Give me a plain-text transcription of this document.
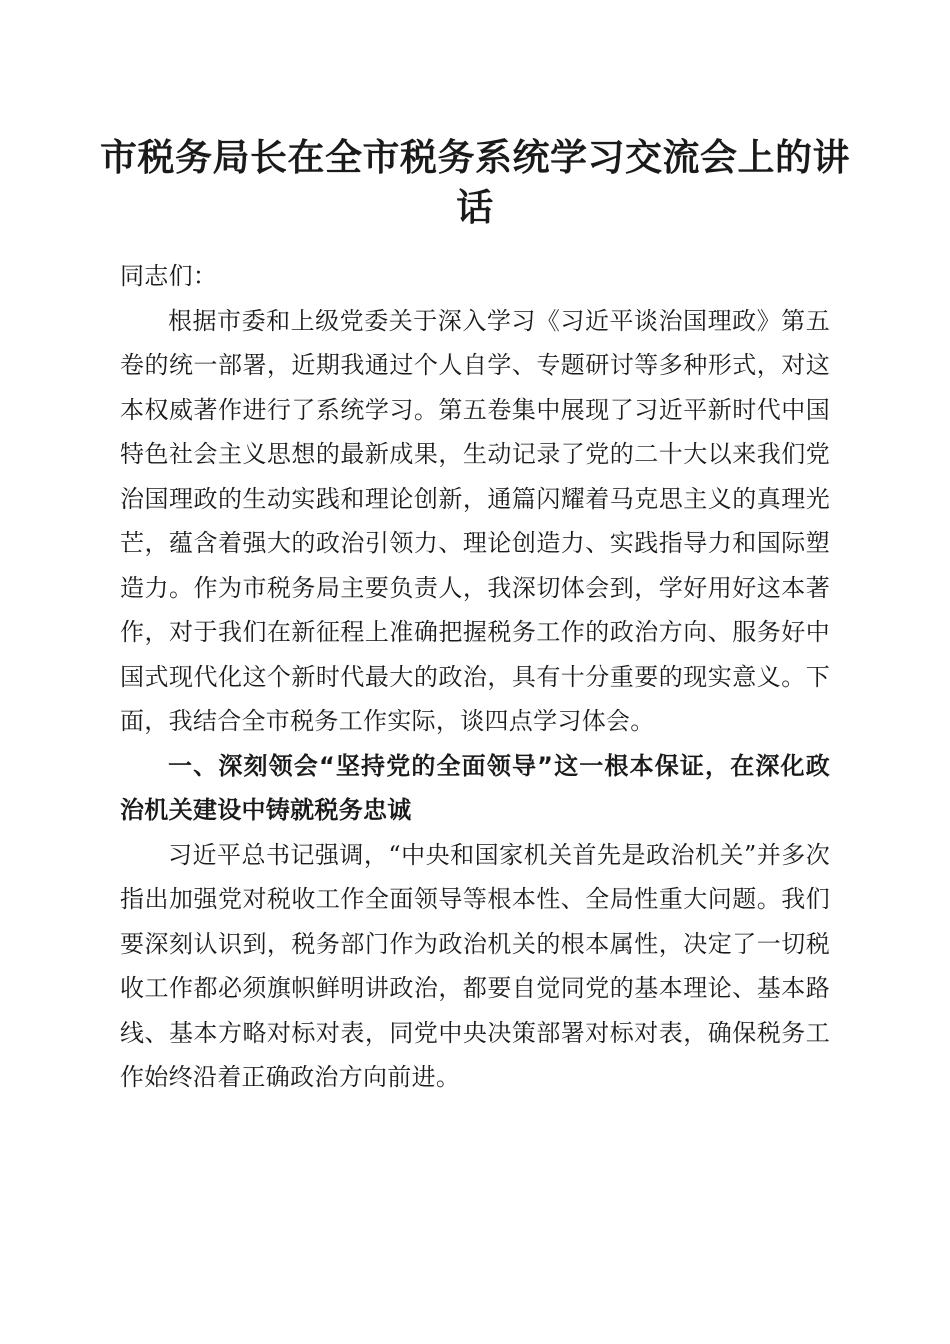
市税务局长在全市税务系统学习交流会上的讲话

同志们：

根据市委和上级党委关于深入学习《习近平谈治国理政》第五卷的统一部署，近期我通过个人自学、专题研讨等多种形式，对这本权威著作进行了系统学习。第五卷集中展现了习近平新时代中国特色社会主义思想的最新成果，生动记录了党的二十大以来我们党治国理政的生动实践和理论创新，通篇闪耀着马克思主义的真理光芒，蕴含着强大的政治引领力、理论创造力、实践指导力和国际塑造力。作为市税务局主要负责人，我深切体会到，学好用好这本著作，对于我们在新征程上准确把握税务工作的政治方向、服务好中国式现代化这个新时代最大的政治，具有十分重要的现实意义。下面，我结合全市税务工作实际，谈四点学习体会。

一、深刻领会“坚持党的全面领导”这一根本保证，在深化政治机关建设中铸就税务忠诚

习近平总书记强调，“中央和国家机关首先是政治机关”并多次指出加强党对税收工作全面领导等根本性、全局性重大问题。我们要深刻认识到，税务部门作为政治机关的根本属性，决定了一切税收工作都必须旗帜鲜明讲政治，都要自觉同党的基本理论、基本路线、基本方略对标对表，同党中央决策部署对标对表，确保税务工作始终沿着正确政治方向前进。
